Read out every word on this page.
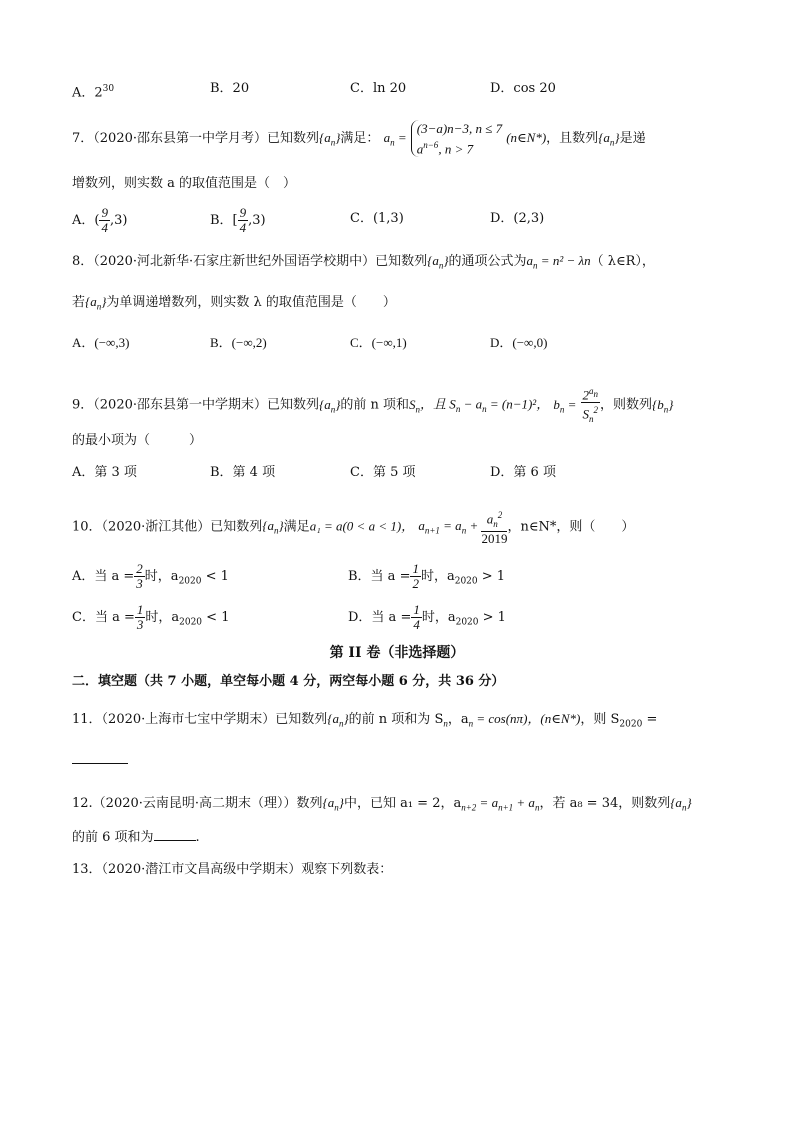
A．$2^{30}$	B．20	C．ln 20	D．cos 20
7．（2020·邵东县第一中学月考）已知数列$\{a_n\}$满足： $a_n$ =
(3−a)n−3, n ≤ 7
$a^{n-6}$, n > 7
(n∈N*)，且数列$\{a_n\}$是递
增数列，则实数 a 的取值范围是（　）
A．( $\frac{9}{4} ,3$)	B．[ $\frac{9}{4} ,3$)	C．(1,3)	D．(2,3)
8．（2020·河北新华·石家庄新世纪外国语学校期中）已知数列$\{a_n\}$的通项公式为$a_n = n^2 - \lambda n$（ λ∈R），
若$\{a_n\}$为单调递增数列，则实数 λ 的取值范围是（　　）
A．(−∞,3)	B．(−∞,2)	C．(−∞,1)	D．(−∞,0)
9．（2020·邵东县第一中学期末）已知数列$\{a_n\}$的前 n 项和$S_n$，且 $S_n - a_n = (n-1)^2$， $b_n = \frac{2^{a_n}}{S_n^2}$ ，则数列$\{b_n\}$
的最小项为（　　　）
A．第 3 项	B．第 4 项	C．第 5 项	D．第 6 项
10．（2020·浙江其他）已知数列$\{a_n\}$满足a₁ = a(0 < a < 1)， $a_{n+1} = a_n + \frac{a_n^2}{2019}$ ，n∈N*，则（　　）
A．当 $a = \frac{2}{3}$ 时，$a_{2020} < 1$	B．当 $a = \frac{1}{2}$ 时，$a_{2020} > 1$
C．当 $a = \frac{1}{3}$ 时，$a_{2020} < 1$	D．当 $a = \frac{1}{4}$ 时，$a_{2020} > 1$
第 II 卷（非选择题）
二．填空题（共 7 小题，单空每小题 4 分，两空每小题 6 分，共 36 分）
11．（2020·上海市七宝中学期末）已知数列$\{a_n\}$的前 n 项和为 $S_n$，$a_n = \cos(n\pi)$，(n∈N*)，则 $S_{2020}$ =
12.（2020·云南昆明·高二期末（理））数列$\{a_n\}$中，已知 a₁ = 2，$a_{n+2} = a_{n+1} + a_n$，若 a₈ = 34，则数列$\{a_n\}$
的前 6 项和为	.
13．（2020·潜江市文昌高级中学期末）观察下列数表：
